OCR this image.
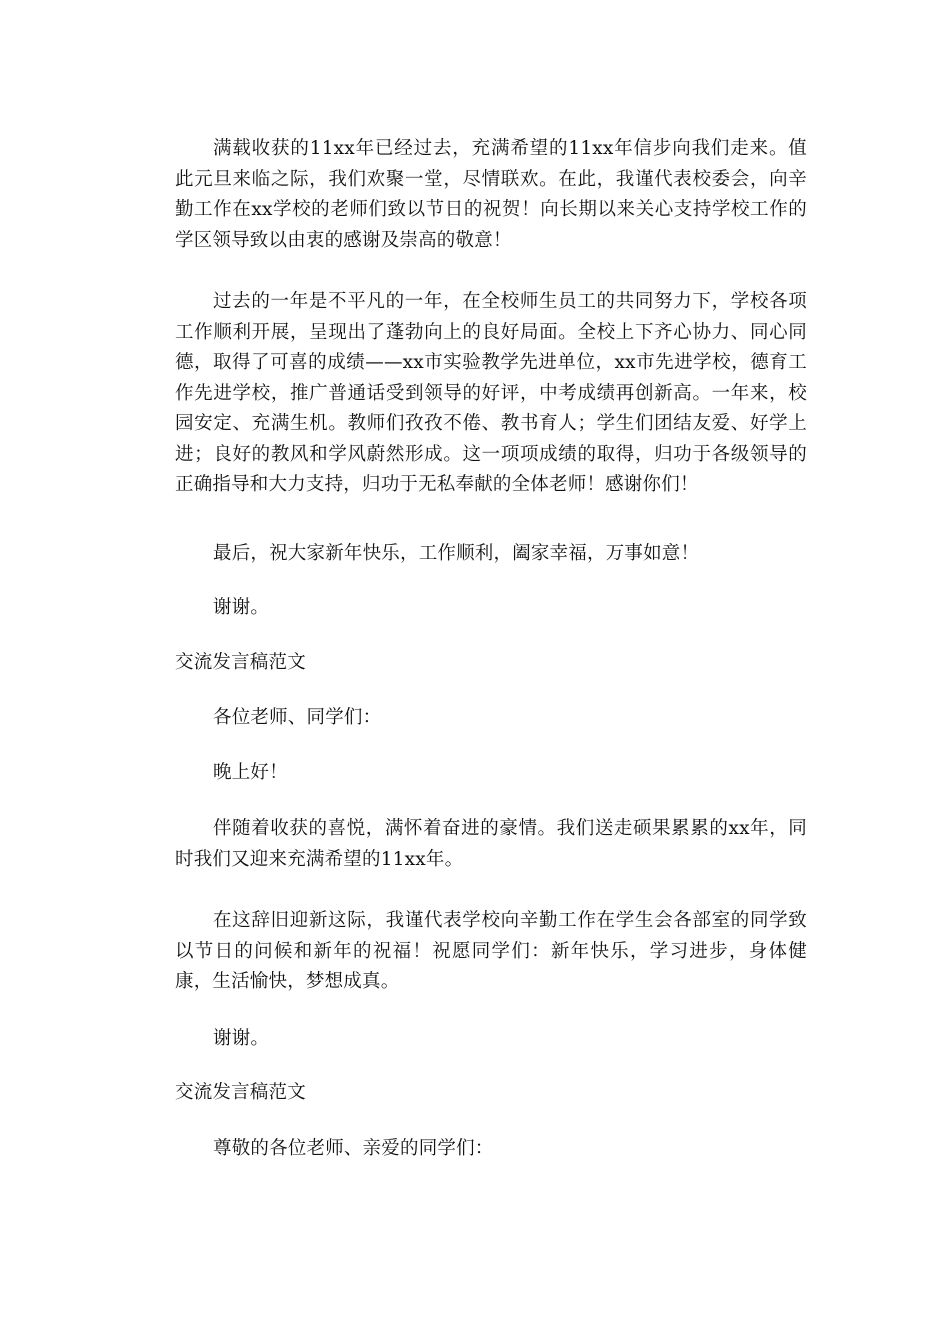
满载收获的11xx年已经过去，充满希望的11xx年信步向我们走来。值此元旦来临之际，我们欢聚一堂，尽情联欢。在此，我谨代表校委会，向辛勤工作在xx学校的老师们致以节日的祝贺！向长期以来关心支持学校工作的学区领导致以由衷的感谢及崇高的敬意！

过去的一年是不平凡的一年，在全校师生员工的共同努力下，学校各项工作顺利开展，呈现出了蓬勃向上的良好局面。全校上下齐心协力、同心同德，取得了可喜的成绩——xx市实验教学先进单位，xx市先进学校，德育工作先进学校，推广普通话受到领导的好评，中考成绩再创新高。一年来，校园安定、充满生机。教师们孜孜不倦、教书育人；学生们团结友爱、好学上进；良好的教风和学风蔚然形成。这一项项成绩的取得，归功于各级领导的正确指导和大力支持，归功于无私奉献的全体老师！感谢你们！

最后，祝大家新年快乐，工作顺利，阖家幸福，万事如意！

谢谢。

交流发言稿范文

各位老师、同学们：

晚上好！

伴随着收获的喜悦，满怀着奋进的豪情。我们送走硕果累累的xx年，同时我们又迎来充满希望的11xx年。

在这辞旧迎新这际，我谨代表学校向辛勤工作在学生会各部室的同学致以节日的问候和新年的祝福！祝愿同学们：新年快乐，学习进步，身体健康，生活愉快，梦想成真。

谢谢。

交流发言稿范文

尊敬的各位老师、亲爱的同学们：
